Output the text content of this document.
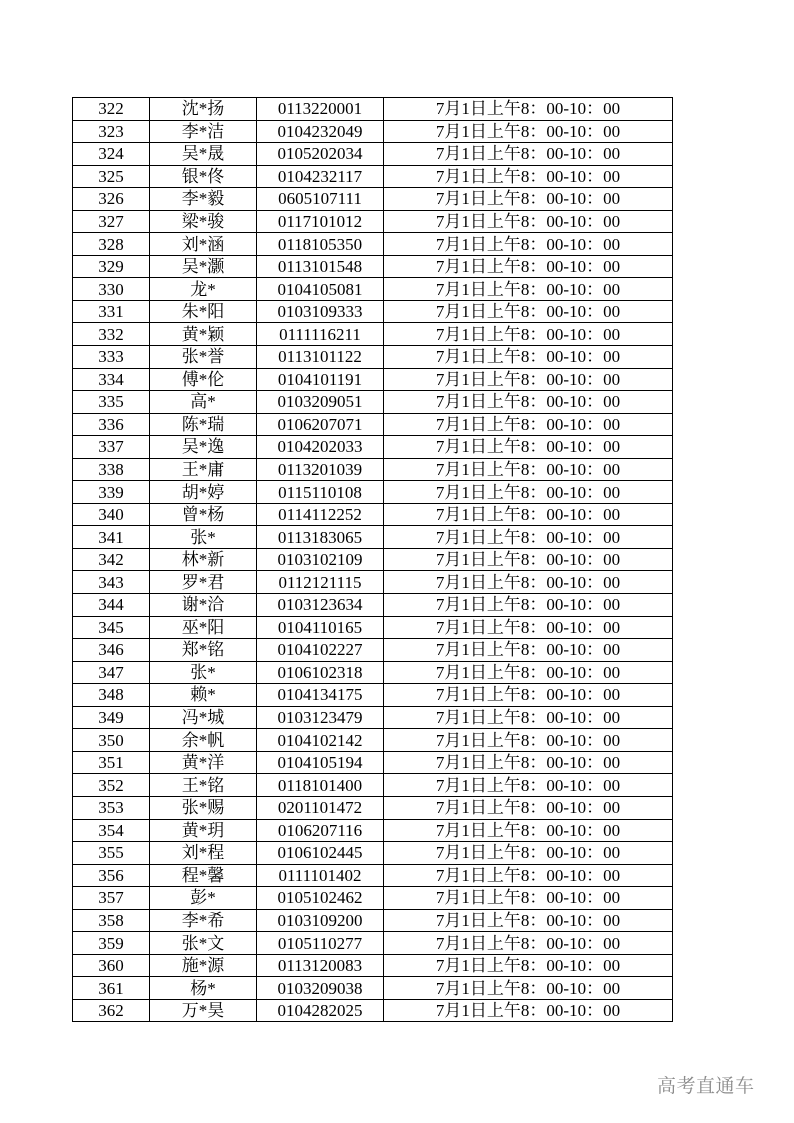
322	沈*扬	0113220001	7月1日上午8：00-10：00
323	李*洁	0104232049	7月1日上午8：00-10：00
324	吴*晟	0105202034	7月1日上午8：00-10：00
325	银*佟	0104232117	7月1日上午8：00-10：00
326	李*毅	0605107111	7月1日上午8：00-10：00
327	梁*骏	0117101012	7月1日上午8：00-10：00
328	刘*涵	0118105350	7月1日上午8：00-10：00
329	吴*灏	0113101548	7月1日上午8：00-10：00
330	龙*	0104105081	7月1日上午8：00-10：00
331	朱*阳	0103109333	7月1日上午8：00-10：00
332	黄*颖	0111116211	7月1日上午8：00-10：00
333	张*誉	0113101122	7月1日上午8：00-10：00
334	傅*伦	0104101191	7月1日上午8：00-10：00
335	高*	0103209051	7月1日上午8：00-10：00
336	陈*瑞	0106207071	7月1日上午8：00-10：00
337	吴*逸	0104202033	7月1日上午8：00-10：00
338	王*庸	0113201039	7月1日上午8：00-10：00
339	胡*婷	0115110108	7月1日上午8：00-10：00
340	曾*杨	0114112252	7月1日上午8：00-10：00
341	张*	0113183065	7月1日上午8：00-10：00
342	林*新	0103102109	7月1日上午8：00-10：00
343	罗*君	0112121115	7月1日上午8：00-10：00
344	谢*洽	0103123634	7月1日上午8：00-10：00
345	巫*阳	0104110165	7月1日上午8：00-10：00
346	郑*铭	0104102227	7月1日上午8：00-10：00
347	张*	0106102318	7月1日上午8：00-10：00
348	赖*	0104134175	7月1日上午8：00-10：00
349	冯*城	0103123479	7月1日上午8：00-10：00
350	余*帆	0104102142	7月1日上午8：00-10：00
351	黄*洋	0104105194	7月1日上午8：00-10：00
352	王*铭	0118101400	7月1日上午8：00-10：00
353	张*赐	0201101472	7月1日上午8：00-10：00
354	黄*玥	0106207116	7月1日上午8：00-10：00
355	刘*程	0106102445	7月1日上午8：00-10：00
356	程*馨	0111101402	7月1日上午8：00-10：00
357	彭*	0105102462	7月1日上午8：00-10：00
358	李*希	0103109200	7月1日上午8：00-10：00
359	张*文	0105110277	7月1日上午8：00-10：00
360	施*源	0113120083	7月1日上午8：00-10：00
361	杨*	0103209038	7月1日上午8：00-10：00
362	万*昊	0104282025	7月1日上午8：00-10：00
高考直通车
